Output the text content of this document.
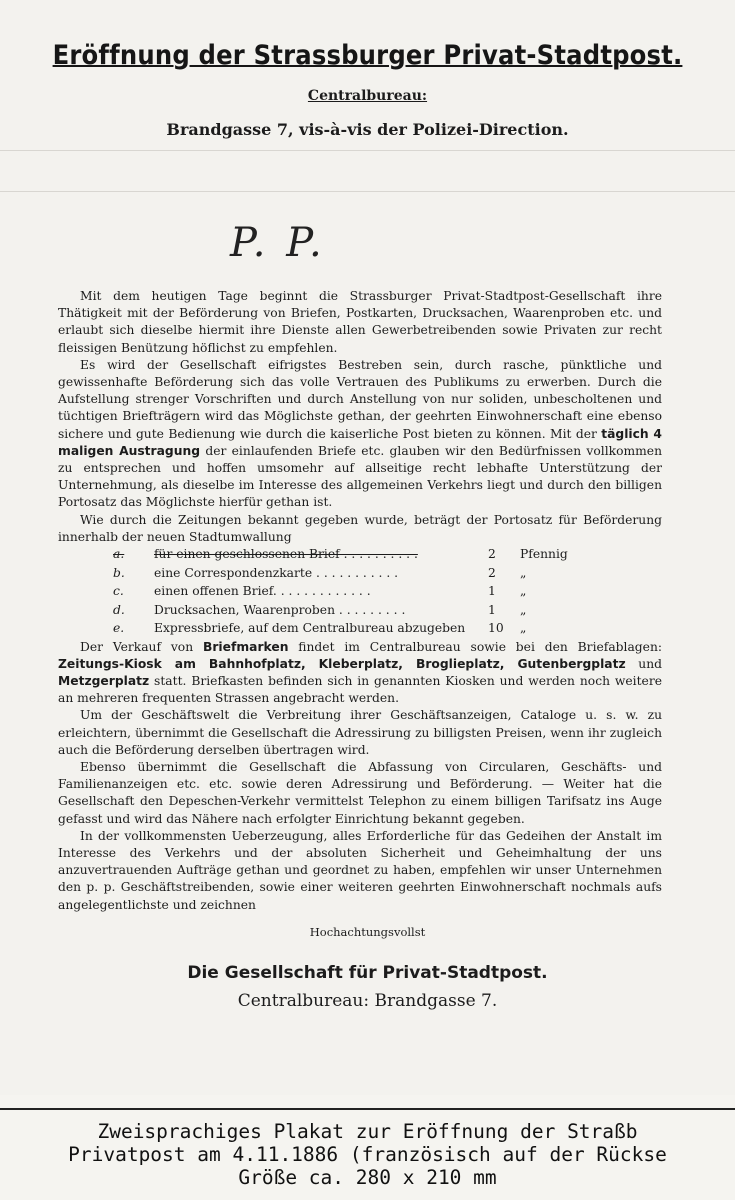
Eröffnung der Strassburger Privat-Stadtpost.
Centralbureau:
Brandgasse 7, vis-à-vis der Polizei-Direction.
P. P.

Mit dem heutigen Tage beginnt die Strassburger Privat-Stadtpost-Gesellschaft ihre Thätigkeit mit der Beförderung von Briefen, Postkarten, Drucksachen, Waarenproben etc. und erlaubt sich dieselbe hiermit ihre Dienste allen Gewerbetreibenden sowie Privaten zur recht fleissigen Benützung höflichst zu empfehlen.

Es wird der Gesellschaft eifrigstes Bestreben sein, durch rasche, pünktliche und gewissenhafte Beförderung sich das volle Vertrauen des Publikums zu erwerben. Durch die Aufstellung strenger Vorschriften und durch Anstellung von nur soliden, unbescholtenen und tüchtigen Briefträgern wird das Möglichste gethan, der geehrten Einwohnerschaft eine ebenso sichere und gute Bedienung wie durch die kaiserliche Post bieten zu können. Mit der täglich 4 maligen Austragung der einlaufenden Briefe etc. glauben wir den Bedürfnissen vollkommen zu entsprechen und hoffen umsomehr auf allseitige recht lebhafte Unterstützung der Unternehmung, als dieselbe im Interesse des allgemeinen Verkehrs liegt und durch den billigen Portosatz das Möglichste hierfür gethan ist.

Wie durch die Zeitungen bekannt gegeben wurde, beträgt der Portosatz für Beförderung innerhalb der neuen Stadtumwallung

a. für einen geschlossenen Brief . . . . . . . . . .	2 Pfennig
b. eine Correspondenzkarte . . . . . . . . . . .	2 „
c. einen offenen Brief. . . . . . . . . . . . .	1 „
d. Drucksachen, Waarenproben . . . . . . . . .	1 „
e. Expressbriefe, auf dem Centralbureau abzugeben 10 „

Der Verkauf von Briefmarken findet im Centralbureau sowie bei den Briefablagen: Zeitungs-Kiosk am Bahnhofplatz, Kleberplatz, Broglieplatz, Gutenbergplatz und Metzgerplatz statt. Briefkasten befinden sich in genannten Kiosken und werden noch weitere an mehreren frequenten Strassen angebracht werden.

Um der Geschäftswelt die Verbreitung ihrer Geschäftsanzeigen, Cataloge u. s. w. zu erleichtern, übernimmt die Gesellschaft die Adressirung zu billigsten Preisen, wenn ihr zugleich auch die Beförderung derselben übertragen wird.

Ebenso übernimmt die Gesellschaft die Abfassung von Circularen, Geschäfts- und Familienanzeigen etc. etc. sowie deren Adressirung und Beförderung. — Weiter hat die Gesellschaft den Depeschen-Verkehr vermittelst Telephon zu einem billigen Tarifsatz ins Auge gefasst und wird das Nähere nach erfolgter Einrichtung bekannt gegeben.

In der vollkommensten Ueberzeugung, alles Erforderliche für das Gedeihen der Anstalt im Interesse des Verkehrs und der absoluten Sicherheit und Geheimhaltung der uns anzuvertrauenden Aufträge gethan und geordnet zu haben, empfehlen wir unser Unternehmen den p. p. Geschäftstreibenden, sowie einer weiteren geehrten Einwohnerschaft nochmals aufs angelegentlichste und zeichnen

Hochachtungsvollst
Die Gesellschaft für Privat-Stadtpost.
Centralbureau: Brandgasse 7.
Zweisprachiges Plakat zur Eröffnung der Straßb
Privatpost am 4.11.1886 (französisch auf der Rückse
Größe ca. 280 x 210 mm
